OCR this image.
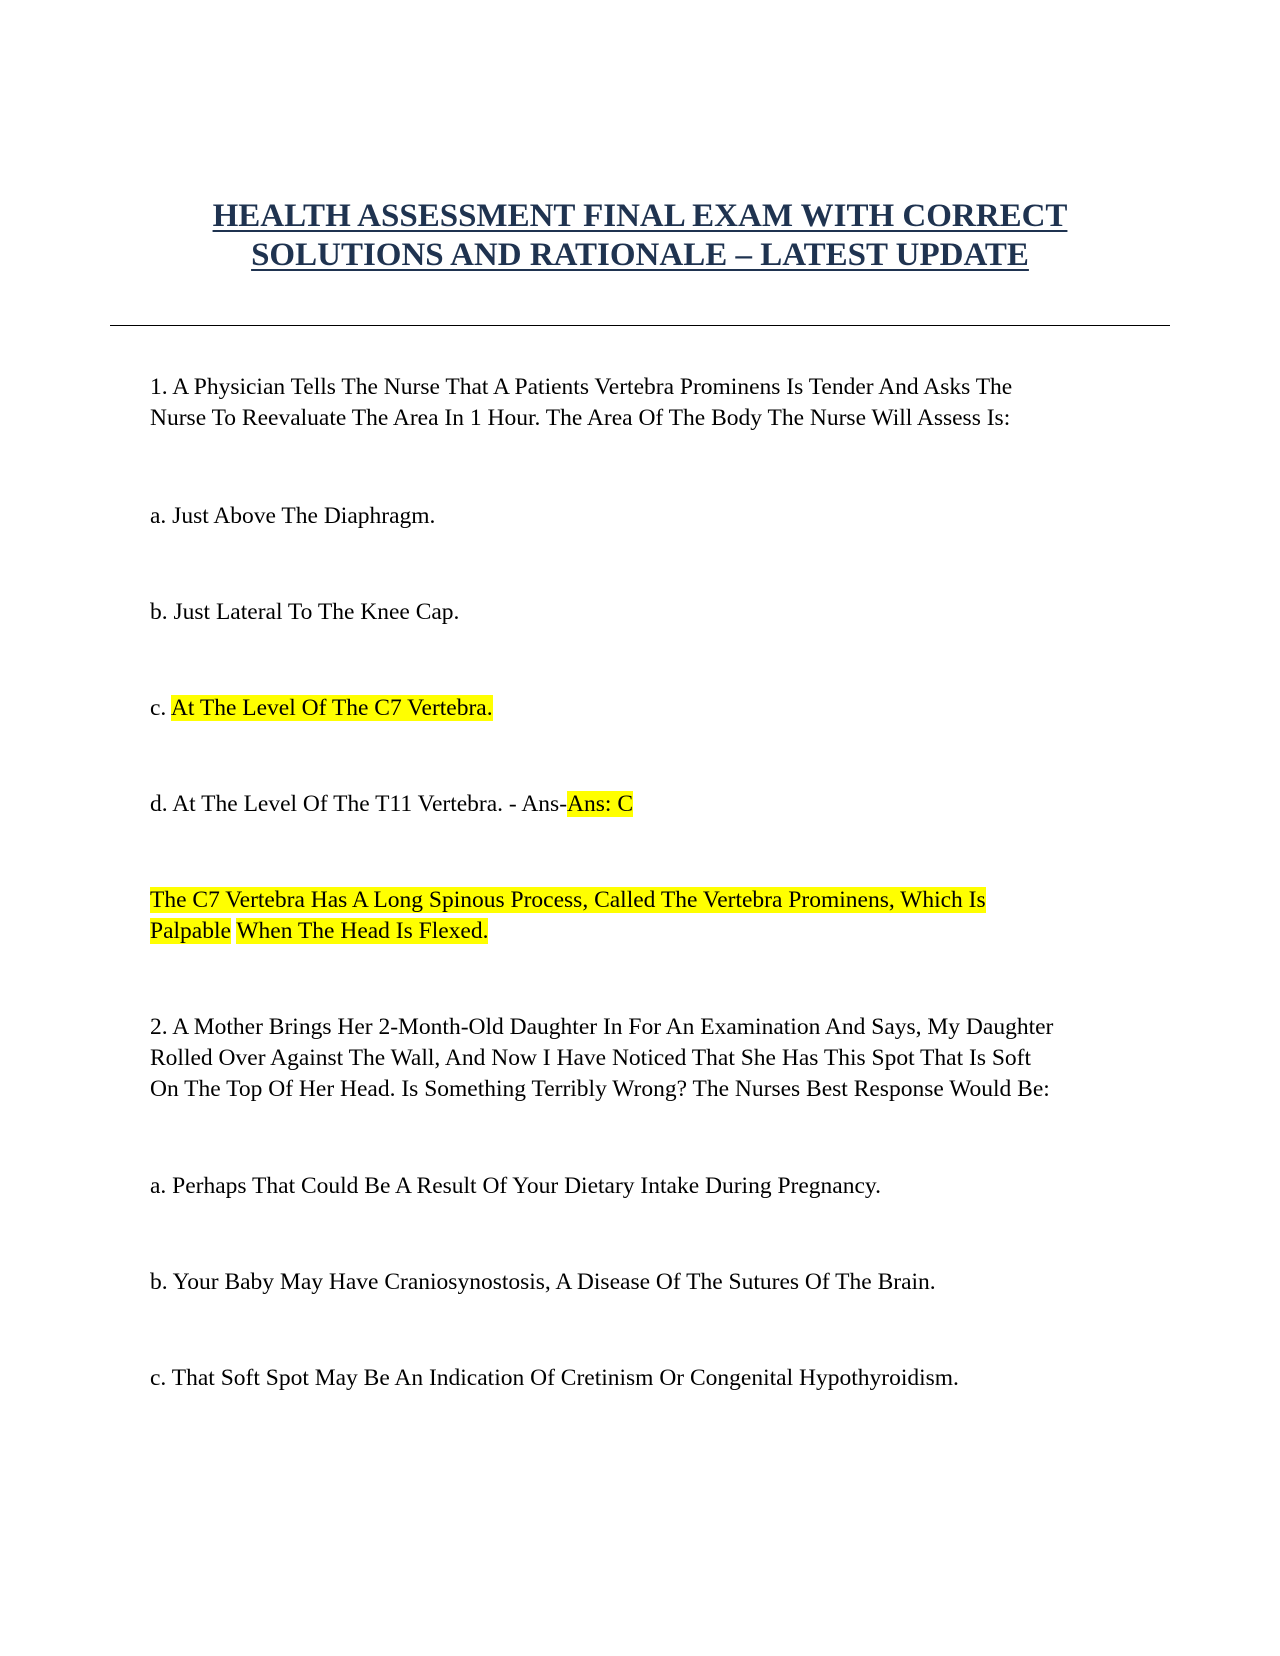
HEALTH ASSESSMENT FINAL EXAM WITH CORRECT
SOLUTIONS AND RATIONALE – LATEST UPDATE

1. A Physician Tells The Nurse That A Patients Vertebra Prominens Is Tender And Asks The
Nurse To Reevaluate The Area In 1 Hour. The Area Of The Body The Nurse Will Assess Is:

a. Just Above The Diaphragm.

b. Just Lateral To The Knee Cap.

c. At The Level Of The C7 Vertebra.

d. At The Level Of The T11 Vertebra. - Ans-Ans: C

The C7 Vertebra Has A Long Spinous Process, Called The Vertebra Prominens, Which Is
Palpable When The Head Is Flexed.

2. A Mother Brings Her 2-Month-Old Daughter In For An Examination And Says, My Daughter
Rolled Over Against The Wall, And Now I Have Noticed That She Has This Spot That Is Soft
On The Top Of Her Head. Is Something Terribly Wrong? The Nurses Best Response Would Be:

a. Perhaps That Could Be A Result Of Your Dietary Intake During Pregnancy.

b. Your Baby May Have Craniosynostosis, A Disease Of The Sutures Of The Brain.

c. That Soft Spot May Be An Indication Of Cretinism Or Congenital Hypothyroidism.
